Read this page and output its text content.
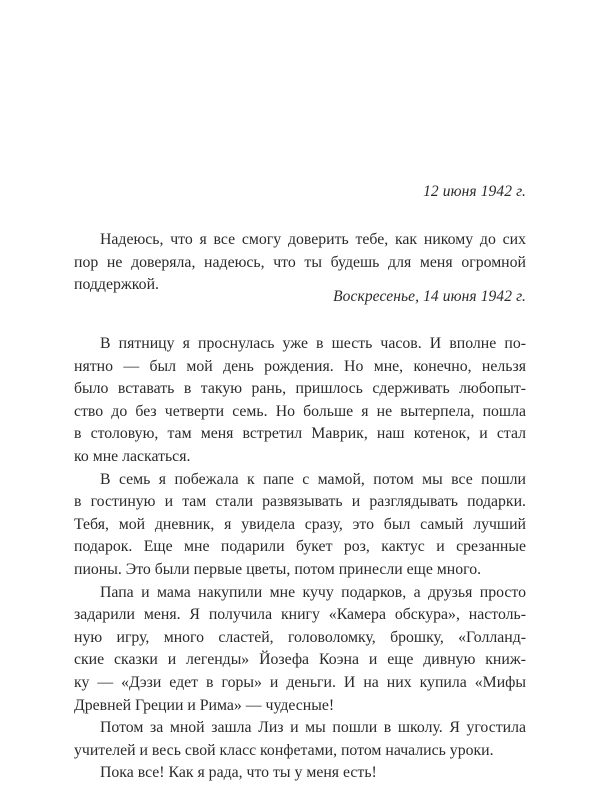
12 июня 1942 г.

Надеюсь, что я все смогу доверить тебе, как никому до сих
пор не доверяла, надеюсь, что ты будешь для меня огромной
поддержкой.

Воскресенье, 14 июня 1942 г.

В пятницу я проснулась уже в шесть часов. И вполне по-
нятно — был мой день рождения. Но мне, конечно, нельзя
было вставать в такую рань, пришлось сдерживать любопыт-
ство до без четверти семь. Но больше я не вытерпела, пошла
в столовую, там меня встретил Маврик, наш котенок, и стал
ко мне ласкаться.
В семь я побежала к папе с мамой, потом мы все пошли
в гостиную и там стали развязывать и разглядывать подарки.
Тебя, мой дневник, я увидела сразу, это был самый лучший
подарок. Еще мне подарили букет роз, кактус и срезанные
пионы. Это были первые цветы, потом принесли еще много.
Папа и мама накупили мне кучу подарков, а друзья просто
задарили меня. Я получила книгу «Камера обскура», настоль-
ную игру, много сластей, головоломку, брошку, «Голланд-
ские сказки и легенды» Йозефа Коэна и еще дивную книж-
ку — «Дэзи едет в горы» и деньги. И на них купила «Мифы
Древней Греции и Рима» — чудесные!
Потом за мной зашла Лиз и мы пошли в школу. Я угостила
учителей и весь свой класс конфетами, потом начались уроки.
Пока все! Как я рада, что ты у меня есть!
